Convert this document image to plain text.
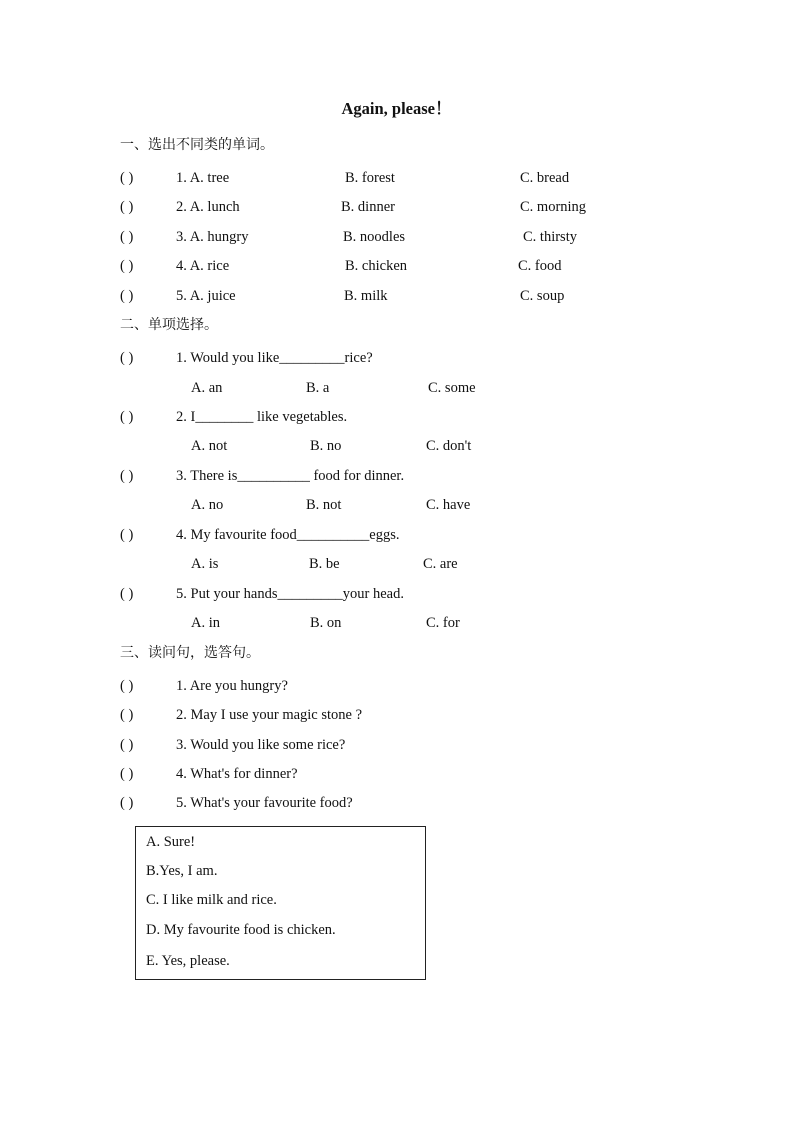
Again, please！
一、选出不同类的单词。
( )	1. A. tree	B. forest	C. bread
( )	2. A. lunch	B. dinner	C. morning
( )	3. A. hungry	B. noodles	C. thirsty
( )	4. A. rice	B. chicken	C. food
( )	5. A. juice	B. milk	C. soup
二、单项选择。
( )	1. Would you like_________rice?
A. an	B. a	C. some
( )	2. I________ like vegetables.
A. not	B. no	C. don't
( )	3. There is__________ food for dinner.
A. no	B. not	C. have
( )	4. My favourite food__________eggs.
A. is	B. be	C. are
( )	5. Put your hands_________your head.
A. in	B. on	C. for
三、读问句，选答句。
( )	1. Are you hungry?
( )	2. May I use your magic stone ?
( )	3. Would you like some rice?
( )	4. What's for dinner?
( )	5. What's your favourite food?
A. Sure!
B.Yes, I am.
C. I like milk and rice.
D. My favourite food is chicken.
E. Yes, please.
